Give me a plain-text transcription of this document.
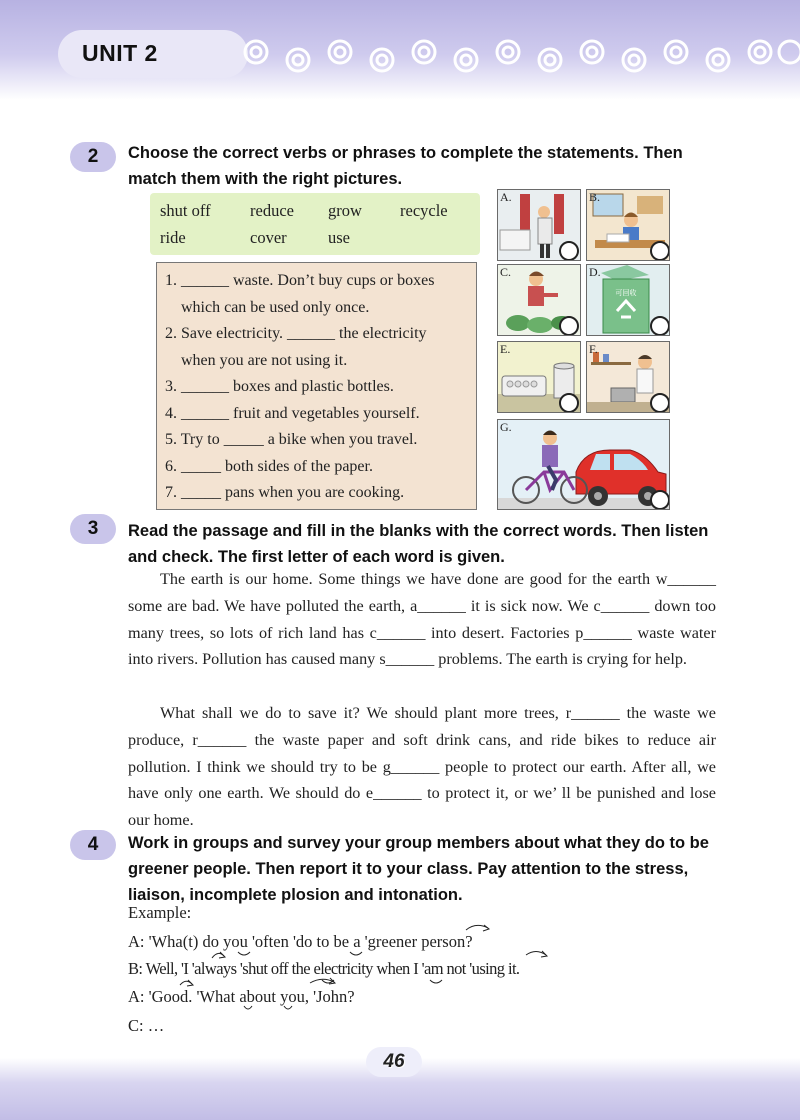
UNIT 2
2	Choose the correct verbs or phrases to complete the statements. Then match them with the right pictures.
shut off reduce grow recycle
ride	cover	use
1. ______ waste. Don’t buy cups or boxes
which can be used only once.
2. Save electricity. ______ the electricity
when you are not using it.
3. ______ boxes and plastic bottles.
4. ______ fruit and vegetables yourself.
5. Try to _____ a bike when you travel.
6. _____ both sides of the paper.
7. _____ pans when you are cooking.
A.	B.
C.
可回收
D.
E.	F.
G.
3	Read the passage and fill in the blanks with the correct words. Then listen and check. The first letter of each word is given.
The earth is our home. Some things we have done are good for the earth w______ some are bad. We have polluted the earth, a______ it is sick now. We c______ down too many trees, so lots of rich land has c______ into desert. Factories p______ waste water into rivers. Pollution has caused many s______ problems. The earth is crying for help.
What shall we do to save it? We should plant more trees, r______ the waste we produce, r______ the waste paper and soft drink cans, and ride bikes to reduce air pollution. I think we should try to be g______ people to protect our earth. After all, we have only one earth. We should do e______ to protect it, or we’ ll be punished and lose our home.
4	Work in groups and survey your group members about what they do to be greener people. Then report it to your class. Pay attention to the stress, liaison, incomplete plosion and intonation.
Example:
A: 'Wha(t) do you 'often 'do to be a 'greener person?
B: Well, 'I 'always 'shut off the electricity when I 'am not 'using it.
A: 'Good. 'What about you, 'John?
C: …
46
